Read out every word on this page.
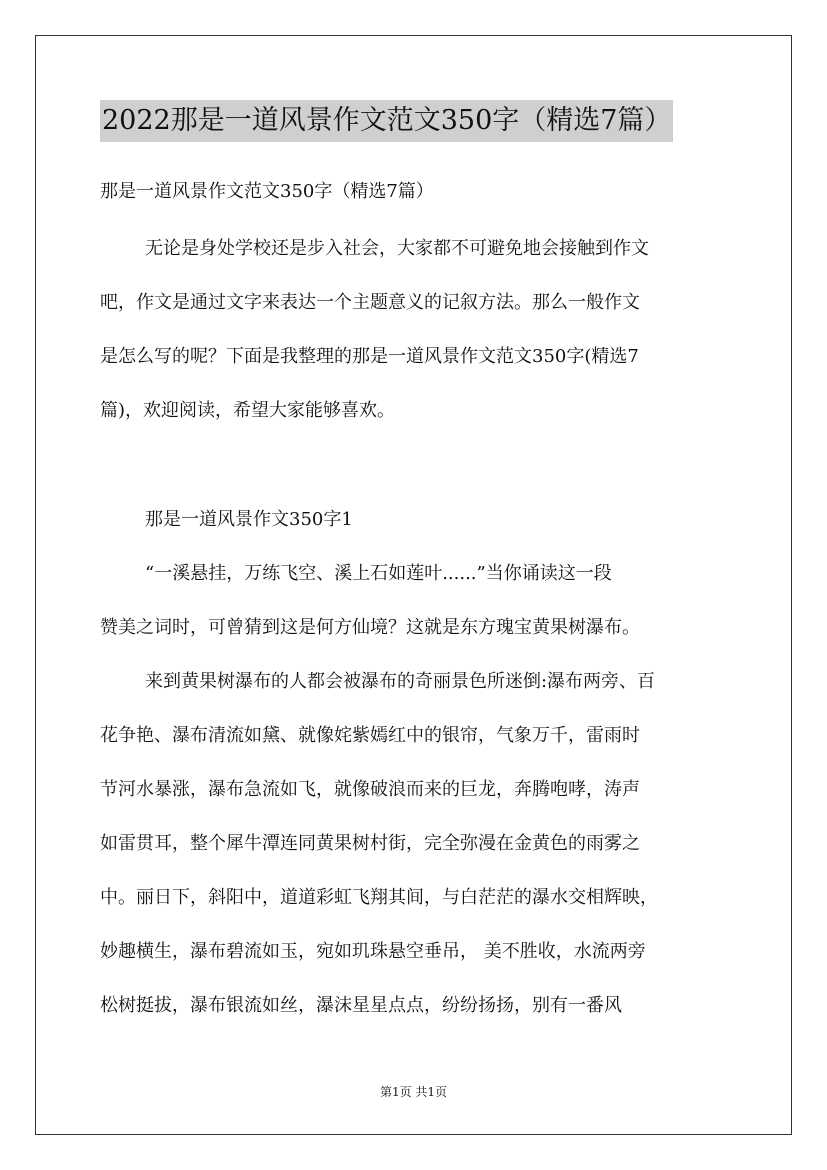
2022那是一道风景作文范文350字（精选7篇）
那是一道风景作文范文350字（精选7篇）
无论是身处学校还是步入社会，大家都不可避免地会接触到作文
吧，作文是通过文字来表达一个主题意义的记叙方法。那么一般作文
是怎么写的呢？下面是我整理的那是一道风景作文范文350字(精选7
篇)，欢迎阅读，希望大家能够喜欢。
那是一道风景作文350字1
“一溪悬挂，万练飞空、溪上石如莲叶......”当你诵读这一段
赞美之词时，可曾猜到这是何方仙境？这就是东方瑰宝黄果树瀑布。
来到黄果树瀑布的人都会被瀑布的奇丽景色所迷倒:瀑布两旁、百
花争艳、瀑布清流如黛、就像姹紫嫣红中的银帘，气象万千，雷雨时
节河水暴涨，瀑布急流如飞，就像破浪而来的巨龙，奔腾咆哮，涛声
如雷贯耳，整个犀牛潭连同黄果树村街，完全弥漫在金黄色的雨雾之
中。丽日下，斜阳中，道道彩虹飞翔其间，与白茫茫的瀑水交相辉映，
妙趣横生，瀑布碧流如玉，宛如玑珠悬空垂吊， 美不胜收，水流两旁
松树挺拔，瀑布银流如丝，瀑沫星星点点，纷纷扬扬，别有一番风
第1页 共1页
